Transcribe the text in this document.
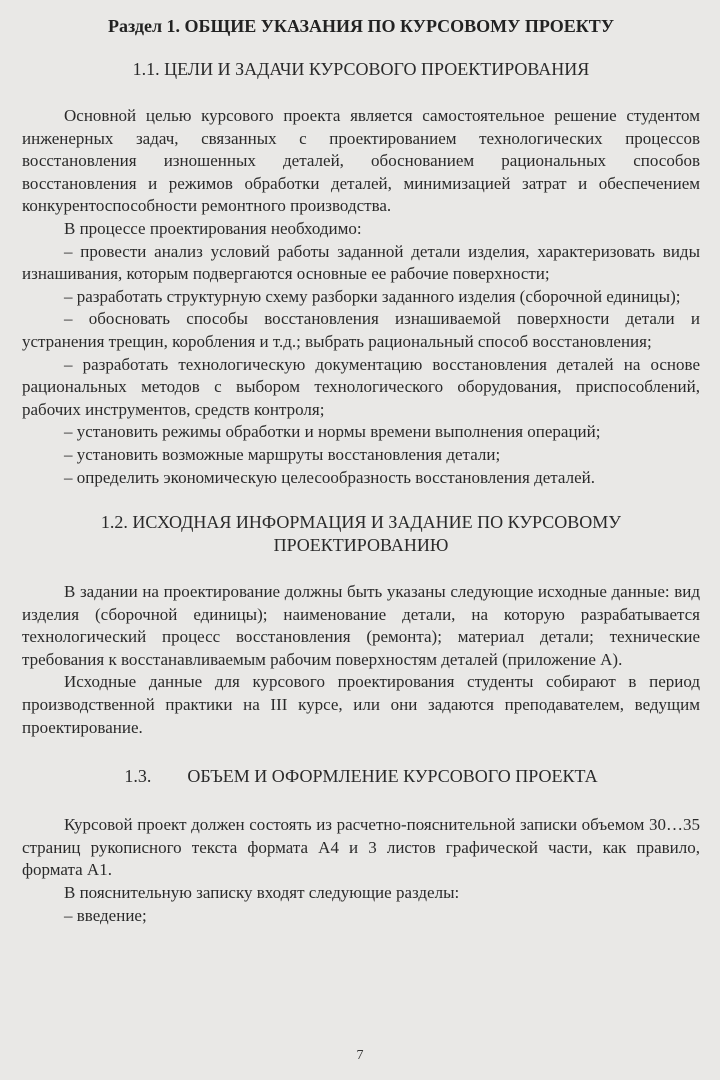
Раздел 1. ОБЩИЕ УКАЗАНИЯ ПО КУРСОВОМУ ПРОЕКТУ
1.1. ЦЕЛИ И ЗАДАЧИ КУРСОВОГО ПРОЕКТИРОВАНИЯ

Основной целью курсового проекта является самостоятельное решение студентом инженерных задач, связанных с проектированием технологических процессов восстановления изношенных деталей, обоснованием рациональных способов восстановления и режимов обработки деталей, минимизацией затрат и обеспечением конкурентоспособности ремонтного производства.

В процессе проектирования необходимо:

– провести анализ условий работы заданной детали изделия, характеризовать виды изнашивания, которым подвергаются основные ее рабочие поверхности;

– разработать структурную схему разборки заданного изделия (сборочной единицы);

– обосновать способы восстановления изнашиваемой поверхности детали и устранения трещин, коробления и т.д.; выбрать рациональный способ восстановления;

– разработать технологическую документацию восстановления деталей на основе рациональных методов с выбором технологического оборудования, приспособлений, рабочих инструментов, средств контроля;

– установить режимы обработки и нормы времени выполнения операций;

– установить возможные маршруты восстановления детали;

– определить экономическую целесообразность восстановления деталей.

1.2. ИСХОДНАЯ ИНФОРМАЦИЯ И ЗАДАНИЕ ПО КУРСОВОМУ ПРОЕКТИРОВАНИЮ

В задании на проектирование должны быть указаны следующие исходные данные: вид изделия (сборочной единицы); наименование детали, на которую разрабатывается технологический процесс восстановления (ремонта); материал детали; технические требования к восстанавливаемым рабочим поверхностям деталей (приложение А).

Исходные данные для курсового проектирования студенты собирают в период производственной практики на III курсе, или они задаются преподавателем, ведущим проектирование.

1.3. ОБЪЕМ И ОФОРМЛЕНИЕ КУРСОВОГО ПРОЕКТА

Курсовой проект должен состоять из расчетно-пояснительной записки объемом 30…35 страниц рукописного текста формата А4 и 3 листов графической части, как правило, формата А1.

В пояснительную записку входят следующие разделы:

– введение;

7
